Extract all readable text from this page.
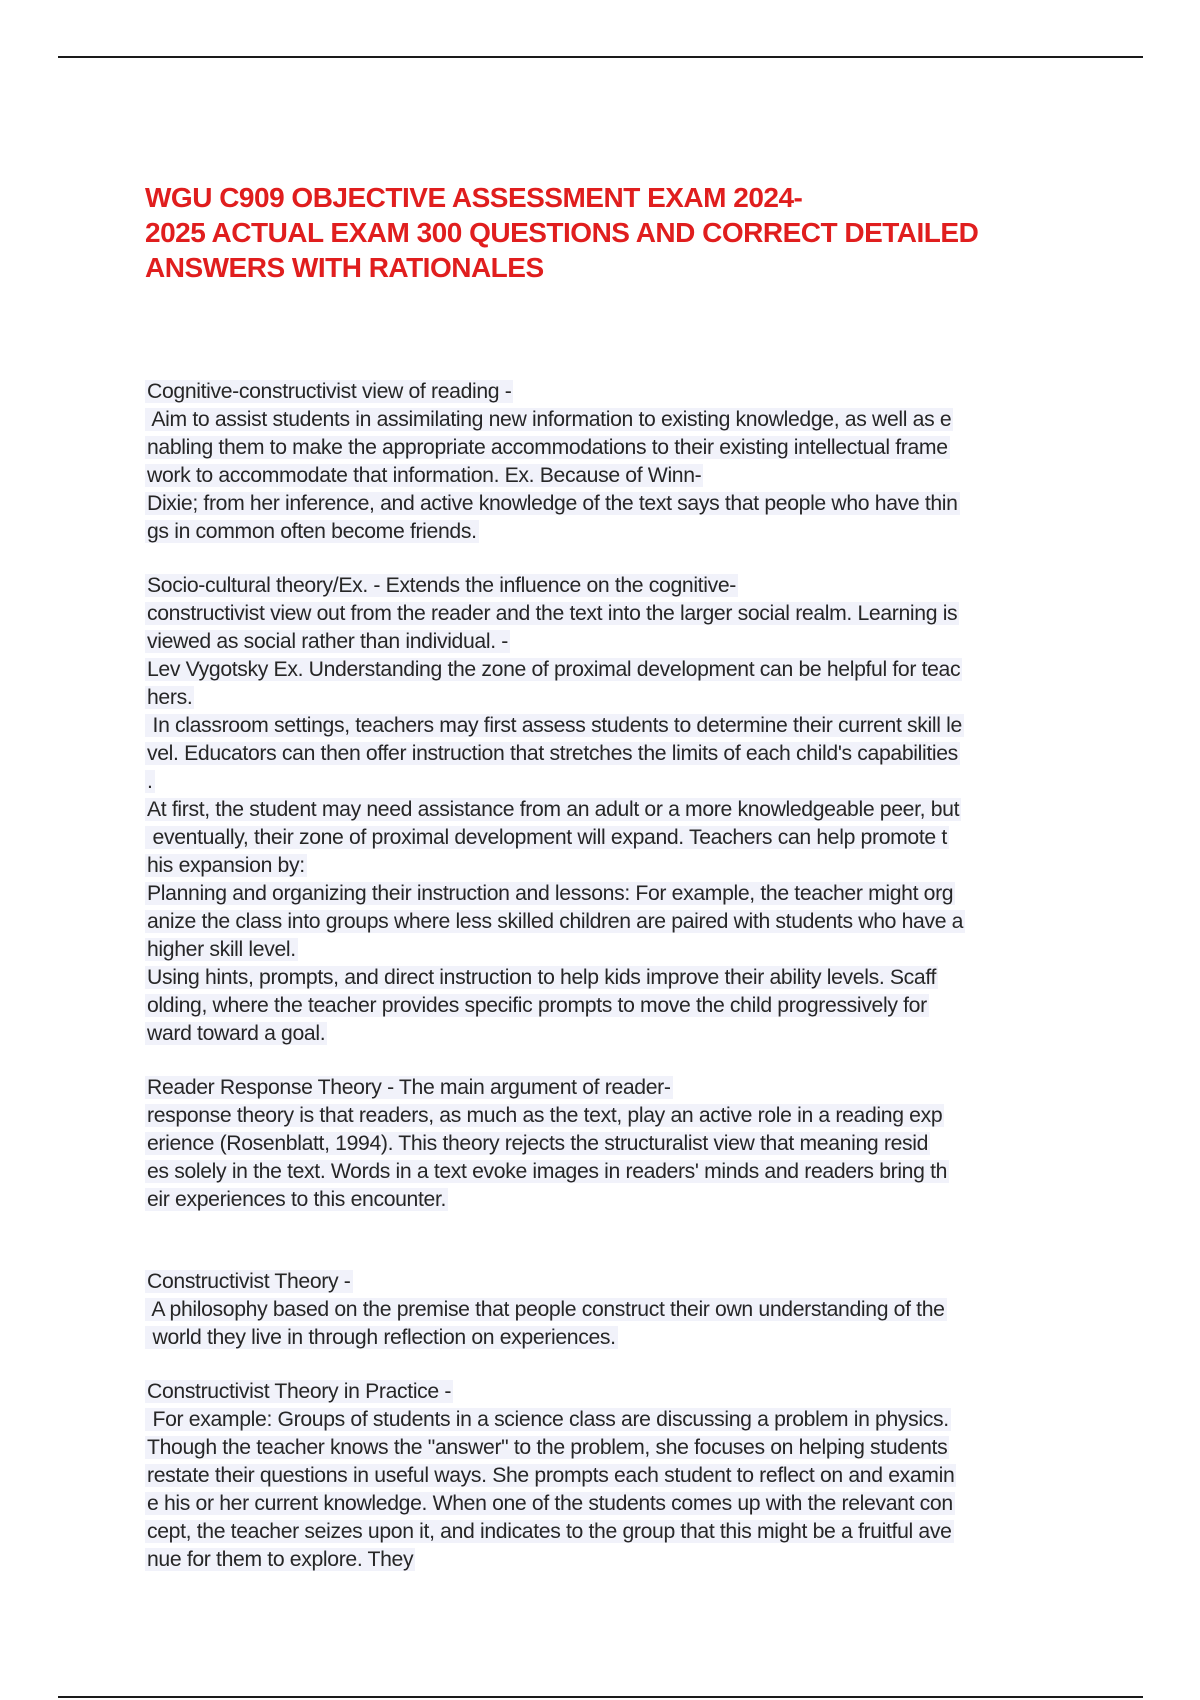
WGU C909 OBJECTIVE ASSESSMENT EXAM 2024-
2025 ACTUAL EXAM 300 QUESTIONS AND CORRECT DETAILED
ANSWERS WITH RATIONALES
Cognitive-constructivist view of reading -
Aim to assist students in assimilating new information to existing knowledge, as well as e
nabling them to make the appropriate accommodations to their existing intellectual frame
work to accommodate that information. Ex. Because of Winn-
Dixie; from her inference, and active knowledge of the text says that people who have thin
gs in common often become friends.
Socio-cultural theory/Ex. - Extends the influence on the cognitive-
constructivist view out from the reader and the text into the larger social realm. Learning is
viewed as social rather than individual. -
Lev Vygotsky Ex. Understanding the zone of proximal development can be helpful for teac
hers.
In classroom settings, teachers may first assess students to determine their current skill le
vel. Educators can then offer instruction that stretches the limits of each child's capabilities
.
At first, the student may need assistance from an adult or a more knowledgeable peer, but
eventually, their zone of proximal development will expand. Teachers can help promote t
his expansion by:
Planning and organizing their instruction and lessons: For example, the teacher might org
anize the class into groups where less skilled children are paired with students who have a
higher skill level.
Using hints, prompts, and direct instruction to help kids improve their ability levels. Scaff
olding, where the teacher provides specific prompts to move the child progressively for
ward toward a goal.
Reader Response Theory - The main argument of reader-
response theory is that readers, as much as the text, play an active role in a reading exp
erience (Rosenblatt, 1994). This theory rejects the structuralist view that meaning resid
es solely in the text. Words in a text evoke images in readers' minds and readers bring th
eir experiences to this encounter.
Constructivist Theory -
A philosophy based on the premise that people construct their own understanding of the
world they live in through reflection on experiences.
Constructivist Theory in Practice -
For example: Groups of students in a science class are discussing a problem in physics.
Though the teacher knows the "answer" to the problem, she focuses on helping students
restate their questions in useful ways. She prompts each student to reflect on and examin
e his or her current knowledge. When one of the students comes up with the relevant con
cept, the teacher seizes upon it, and indicates to the group that this might be a fruitful ave
nue for them to explore. They
